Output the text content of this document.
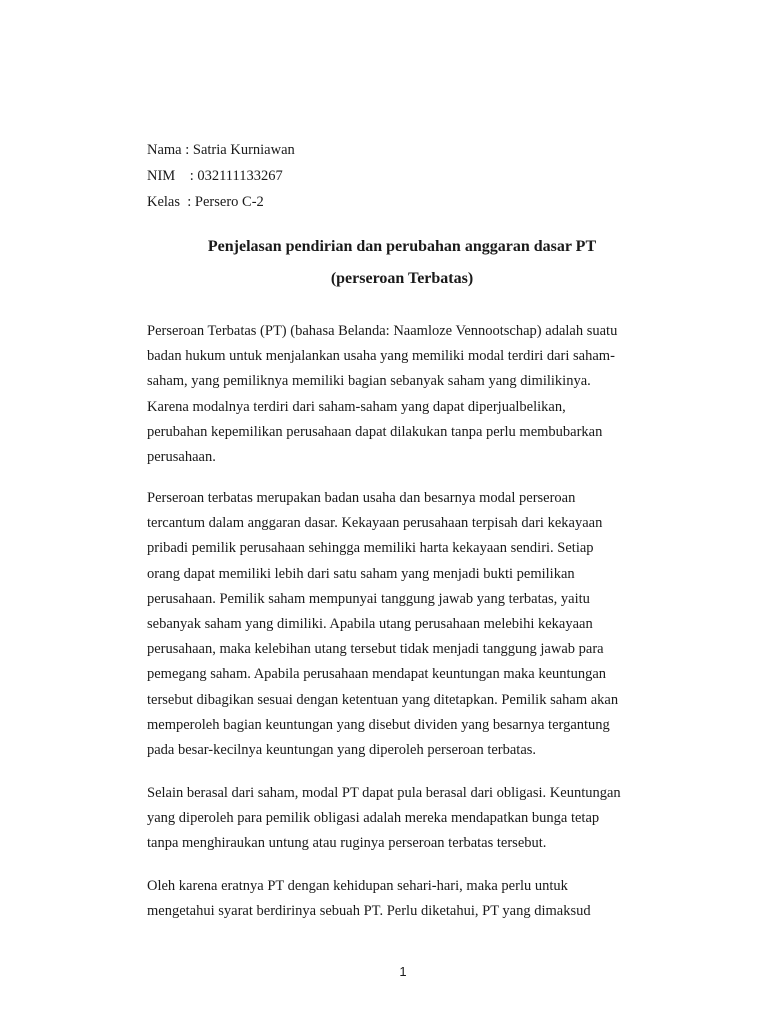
Nama : Satria Kurniawan
NIM    : 032111133267
Kelas  : Persero C-2
Penjelasan pendirian dan perubahan anggaran dasar PT
(perseroan Terbatas)
Perseroan Terbatas (PT) (bahasa Belanda: Naamloze Vennootschap) adalah suatu
badan hukum untuk menjalankan usaha yang memiliki modal terdiri dari saham-
saham, yang pemiliknya memiliki bagian sebanyak saham yang dimilikinya.
Karena modalnya terdiri dari saham-saham yang dapat diperjualbelikan,
perubahan kepemilikan perusahaan dapat dilakukan tanpa perlu membubarkan
perusahaan.
Perseroan terbatas merupakan badan usaha dan besarnya modal perseroan
tercantum dalam anggaran dasar. Kekayaan perusahaan terpisah dari kekayaan
pribadi pemilik perusahaan sehingga memiliki harta kekayaan sendiri. Setiap
orang dapat memiliki lebih dari satu saham yang menjadi bukti pemilikan
perusahaan. Pemilik saham mempunyai tanggung jawab yang terbatas, yaitu
sebanyak saham yang dimiliki. Apabila utang perusahaan melebihi kekayaan
perusahaan, maka kelebihan utang tersebut tidak menjadi tanggung jawab para
pemegang saham. Apabila perusahaan mendapat keuntungan maka keuntungan
tersebut dibagikan sesuai dengan ketentuan yang ditetapkan. Pemilik saham akan
memperoleh bagian keuntungan yang disebut dividen yang besarnya tergantung
pada besar-kecilnya keuntungan yang diperoleh perseroan terbatas.
Selain berasal dari saham, modal PT dapat pula berasal dari obligasi. Keuntungan
yang diperoleh para pemilik obligasi adalah mereka mendapatkan bunga tetap
tanpa menghiraukan untung atau ruginya perseroan terbatas tersebut.
Oleh karena eratnya PT dengan kehidupan sehari-hari, maka perlu untuk
mengetahui syarat berdirinya sebuah PT. Perlu diketahui, PT yang dimaksud
1
